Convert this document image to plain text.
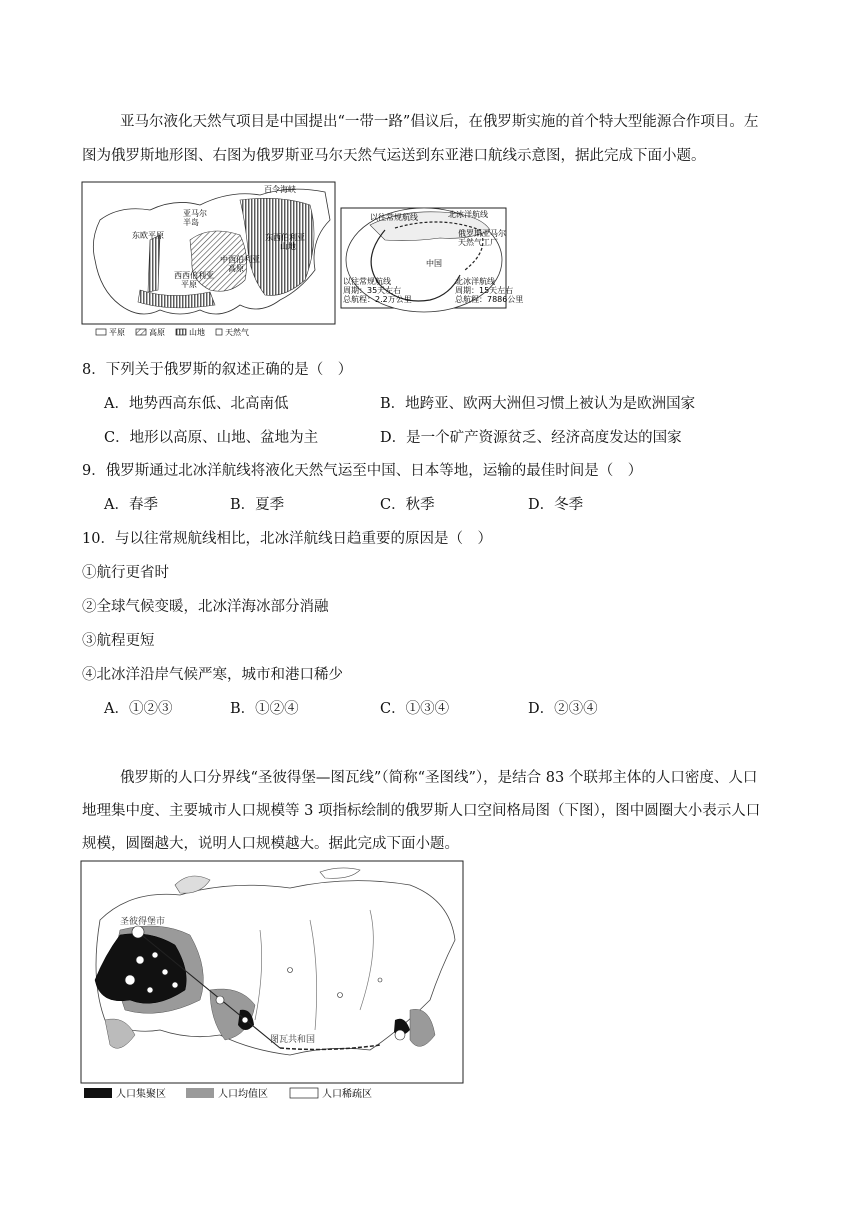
亚马尔液化天然气项目是中国提出“一带一路”倡议后，在俄罗斯实施的首个特大型能源合作项目。左
图为俄罗斯地形图、右图为俄罗斯亚马尔天然气运送到东亚港口航线示意图，据此完成下面小题。
百令海峡
亚马尔
半岛
东欧平原
西西伯利亚
平原
中西伯利亚
高原
东西伯利亚
山地
平原	高原	山地	天然气
以往常规航线	北冰洋航线
俄罗斯亚马尔
天然气工厂
中国
以往常规航线
周期：35天左右
总航程：2.2万公里
北冰洋航线
周期：15天左右
总航程：7886公里
8．下列关于俄罗斯的叙述正确的是（　）
A．地势西高东低、北高南低	B．地跨亚、欧两大洲但习惯上被认为是欧洲国家
C．地形以高原、山地、盆地为主	D．是一个矿产资源贫乏、经济高度发达的国家
9．俄罗斯通过北冰洋航线将液化天然气运至中国、日本等地，运输的最佳时间是（　）
A．春季	B．夏季	C．秋季	D．冬季
10．与以往常规航线相比，北冰洋航线日趋重要的原因是（　）
①航行更省时
②全球气候变暖，北冰洋海冰部分消融
③航程更短
④北冰洋沿岸气候严寒，城市和港口稀少
A．①②③	B．①②④	C．①③④	D．②③④
俄罗斯的人口分界线“圣彼得堡—图瓦线”（简称“圣图线”），是结合 83 个联邦主体的人口密度、人口
地理集中度、主要城市人口规模等 3 项指标绘制的俄罗斯人口空间格局图（下图），图中圆圈大小表示人口
规模，圆圈越大，说明人口规模越大。据此完成下面小题。
圣彼得堡市
图瓦共和国
人口集聚区	人口均值区	人口稀疏区
